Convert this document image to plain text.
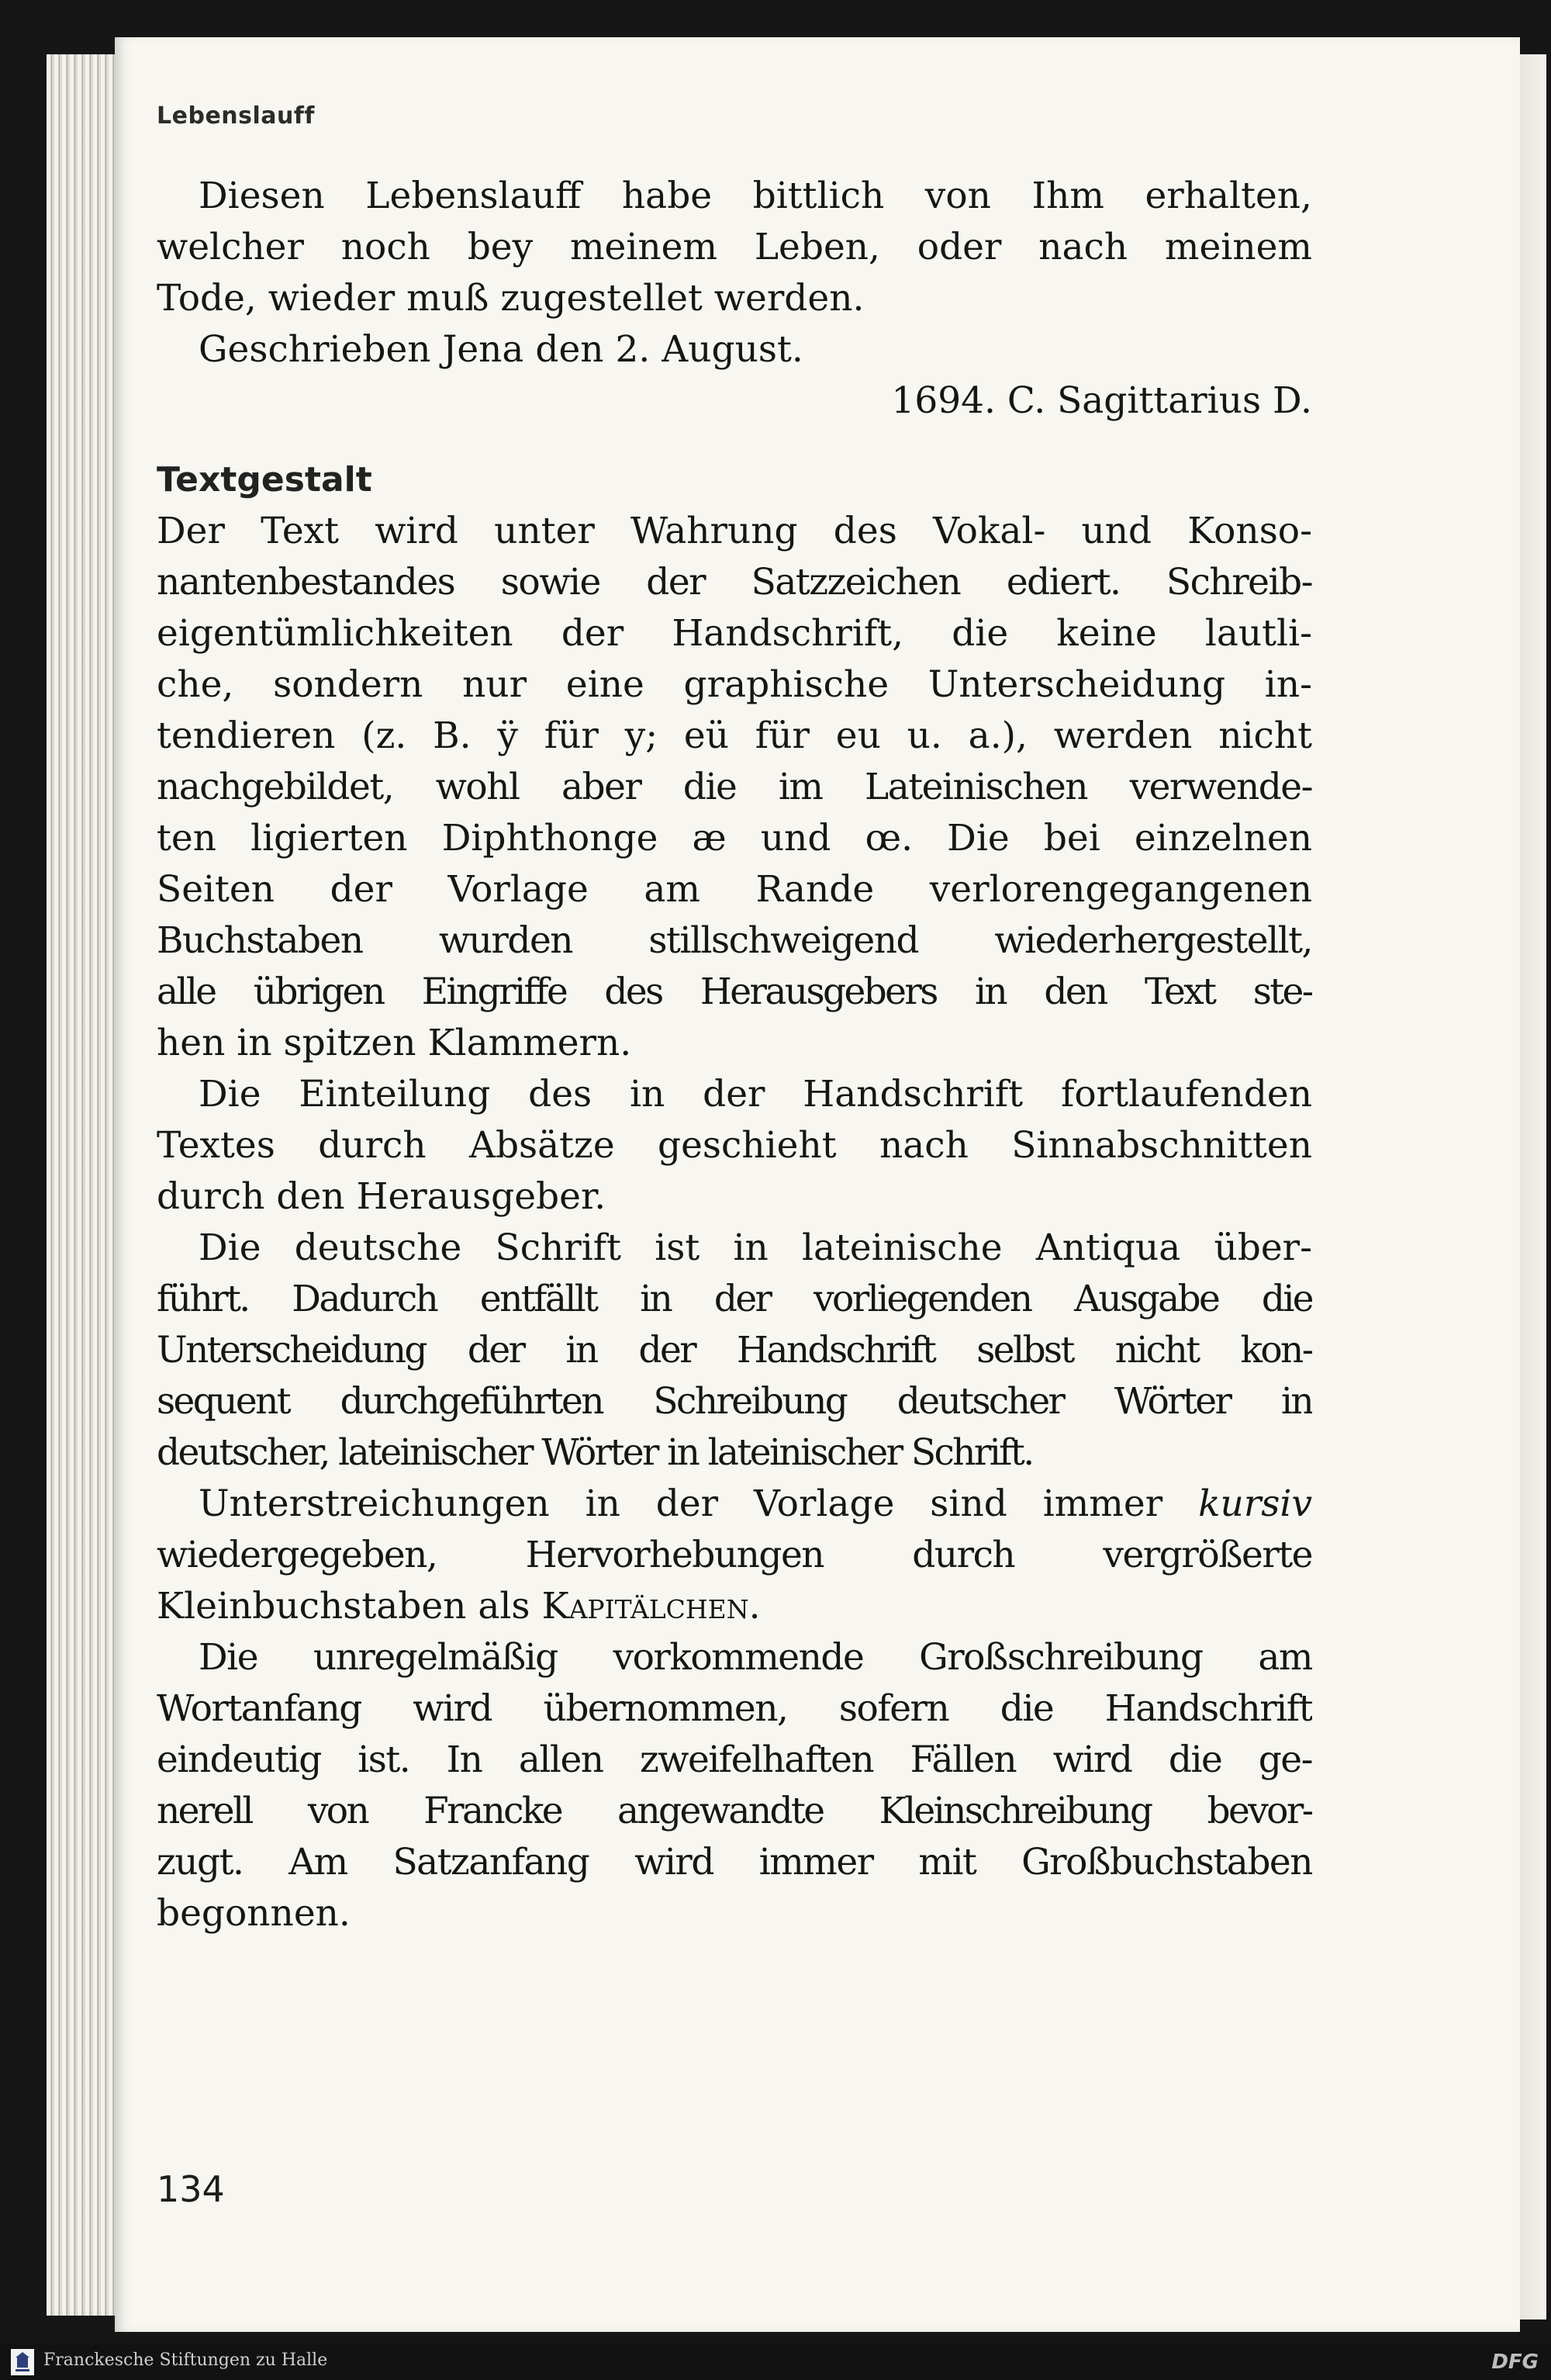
Lebenslauff
Diesen Lebenslauff habe bittlich von Ihm erhalten,
welcher noch bey meinem Leben, oder nach meinem
Tode, wieder muß zugestellet werden.
Geschrieben Jena den 2. August.
1694. C. Sagittarius D.
Textgestalt
Der Text wird unter Wahrung des Vokal- und Konso-
nantenbestandes sowie der Satzzeichen ediert. Schreib-
eigentümlichkeiten der Handschrift, die keine lautli-
che, sondern nur eine graphische Unterscheidung in-
tendieren (z. B. ÿ für y; eü für eu u. a.), werden nicht
nachgebildet, wohl aber die im Lateinischen verwende-
ten ligierten Diphthonge æ und œ. Die bei einzelnen
Seiten der Vorlage am Rande verlorengegangenen
Buchstaben wurden stillschweigend wiederhergestellt,
alle übrigen Eingriffe des Herausgebers in den Text ste-
hen in spitzen Klammern.
Die Einteilung des in der Handschrift fortlaufenden
Textes durch Absätze geschieht nach Sinnabschnitten
durch den Herausgeber.
Die deutsche Schrift ist in lateinische Antiqua über-
führt. Dadurch entfällt in der vorliegenden Ausgabe die
Unterscheidung der in der Handschrift selbst nicht kon-
sequent durchgeführten Schreibung deutscher Wörter in
deutscher, lateinischer Wörter in lateinischer Schrift.
Unterstreichungen in der Vorlage sind immer kursiv
wiedergegeben, Hervorhebungen durch vergrößerte
Kleinbuchstaben als Kapitälchen.
Die unregelmäßig vorkommende Großschreibung am
Wortanfang wird übernommen, sofern die Handschrift
eindeutig ist. In allen zweifelhaften Fällen wird die ge-
nerell von Francke angewandte Kleinschreibung bevor-
zugt. Am Satzanfang wird immer mit Großbuchstaben
begonnen.
134
Franckesche Stiftungen zu Halle	DFG
